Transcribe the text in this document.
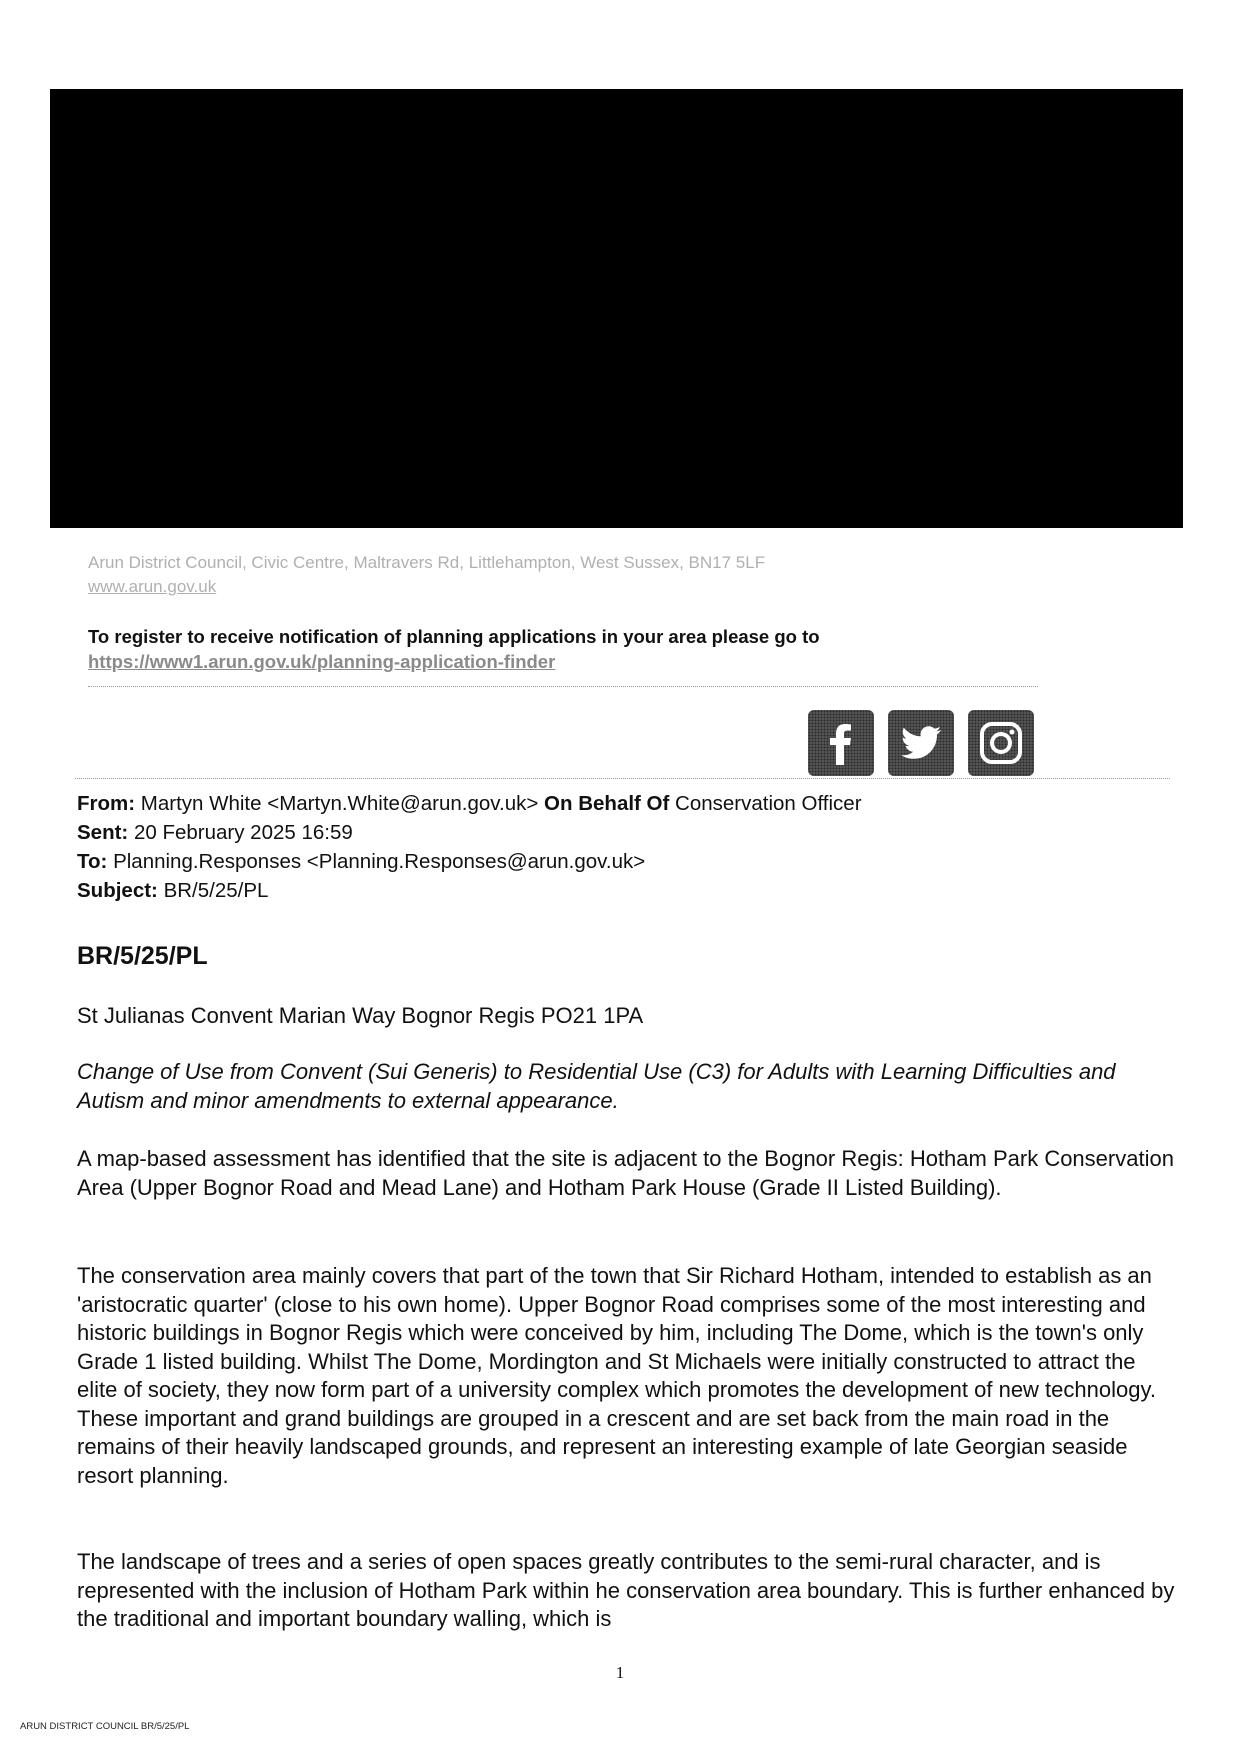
Arun District Council, Civic Centre, Maltravers Rd, Littlehampton, West Sussex, BN17 5LF
www.arun.gov.uk
To register to receive notification of planning applications in your area please go to
https://www1.arun.gov.uk/planning-application-finder
From: Martyn White <Martyn.White@arun.gov.uk> On Behalf Of Conservation Officer
Sent: 20 February 2025 16:59
To: Planning.Responses <Planning.Responses@arun.gov.uk>
Subject: BR/5/25/PL
BR/5/25/PL
St Julianas Convent Marian Way Bognor Regis PO21 1PA
Change of Use from Convent (Sui Generis) to Residential Use (C3) for Adults with Learning Difficulties and Autism and minor amendments to external appearance.
A map-based assessment has identified that the site is adjacent to the Bognor Regis: Hotham Park Conservation Area (Upper Bognor Road and Mead Lane) and Hotham Park House (Grade II Listed Building).
The conservation area mainly covers that part of the town that Sir Richard Hotham, intended to establish as an 'aristocratic quarter' (close to his own home). Upper Bognor Road comprises some of the most interesting and historic buildings in Bognor Regis which were conceived by him, including The Dome, which is the town's only Grade 1 listed building. Whilst The Dome, Mordington and St Michaels were initially constructed to attract the elite of society, they now form part of a university complex which promotes the development of new technology. These important and grand buildings are grouped in a crescent and are set back from the main road in the remains of their heavily landscaped grounds, and represent an interesting example of late Georgian seaside resort planning.
The landscape of trees and a series of open spaces greatly contributes to the semi-rural character, and is represented with the inclusion of Hotham Park within he conservation area boundary. This is further enhanced by the traditional and important boundary walling, which is
1
ARUN DISTRICT COUNCIL BR/5/25/PL
